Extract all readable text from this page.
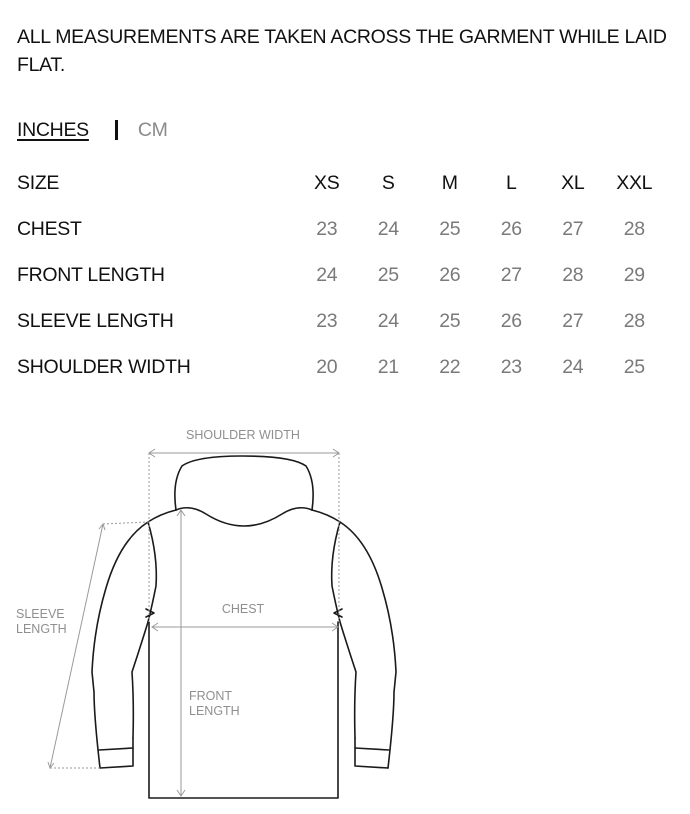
ALL MEASUREMENTS ARE TAKEN ACROSS THE GARMENT WHILE LAID FLAT.

INCHES	CM
SIZE	XS	S	M	L	XL	XXL
CHEST	23	24	25	26	27	28
FRONT LENGTH	24	25	26	27	28	29
SLEEVE LENGTH	23	24	25	26	27	28
SHOULDER WIDTH	20	21	22	23	24	25
SHOULDER WIDTH
CHEST
SLEEVE
LENGTH
FRONT
LENGTH
